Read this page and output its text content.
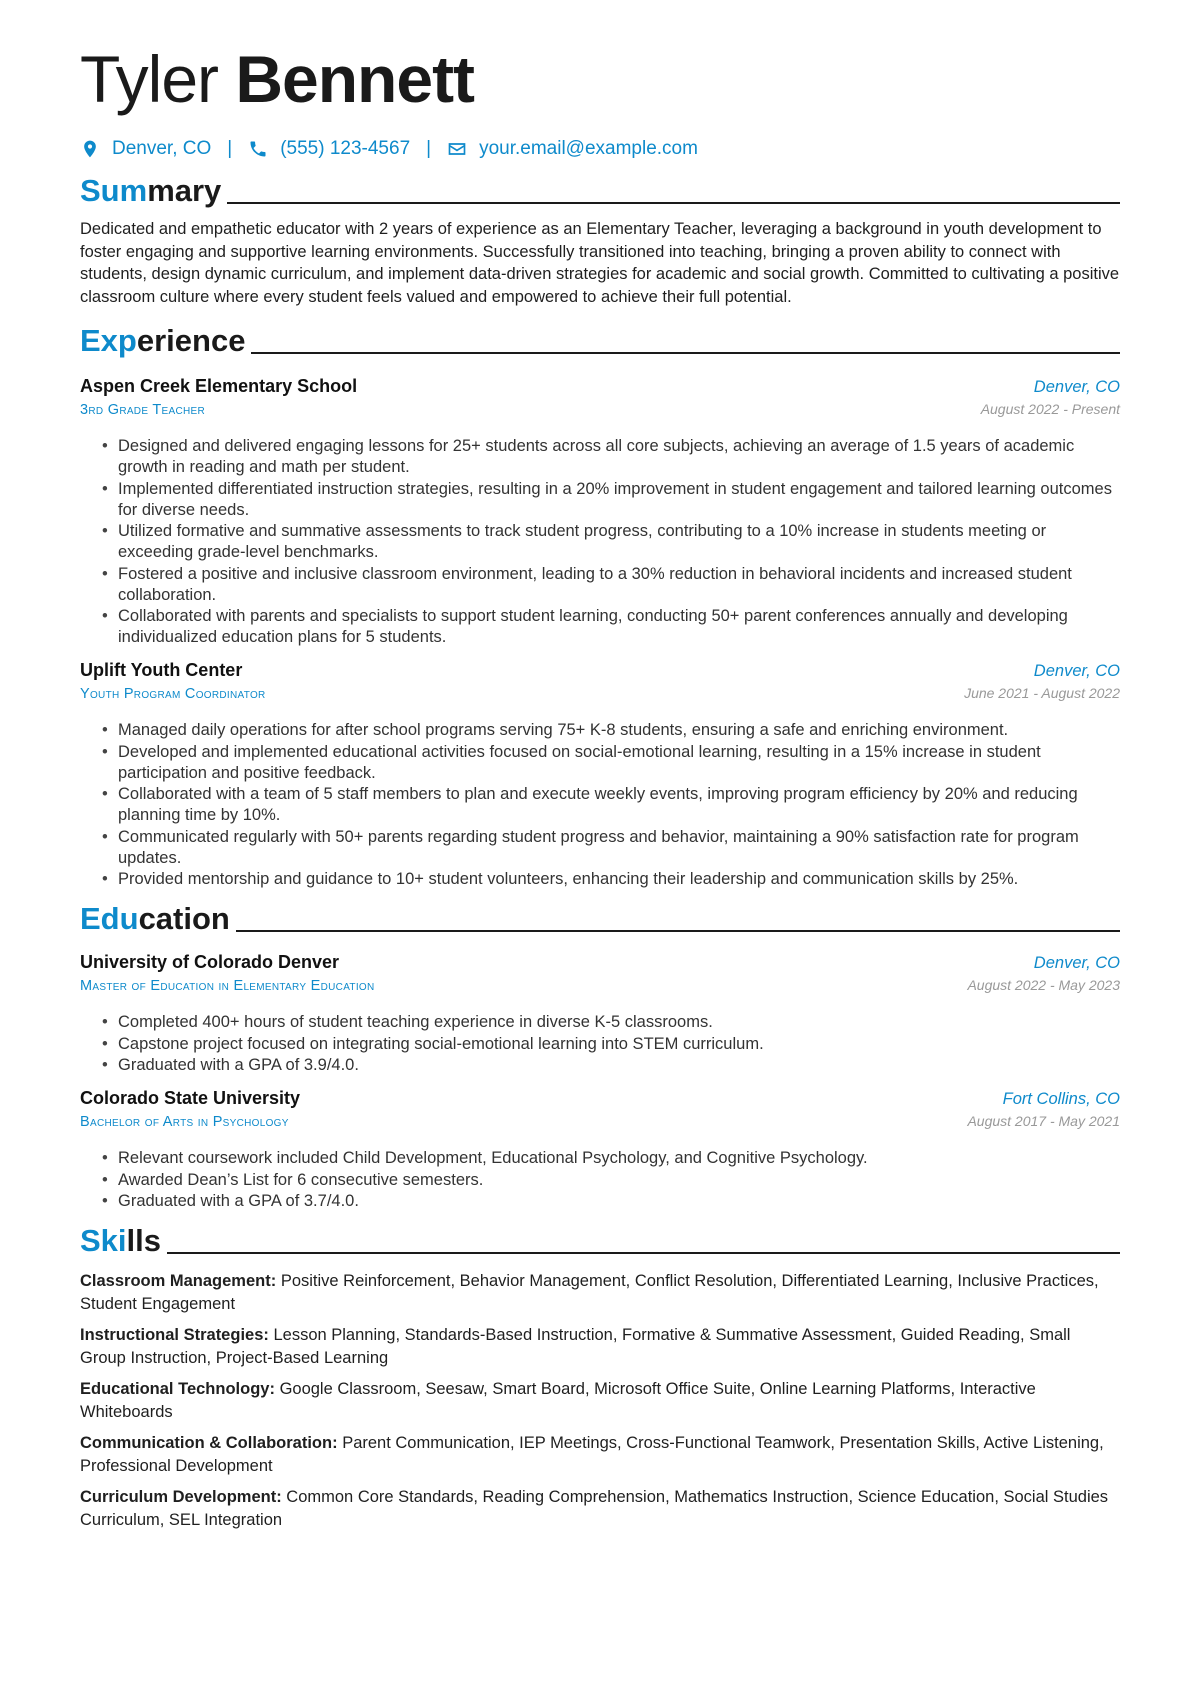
Tyler Bennett
Denver, CO |	(555) 123-4567 |	your.email@example.com
Summary

Dedicated and empathetic educator with 2 years of experience as an Elementary Teacher, leveraging a background in youth development to foster engaging and supportive learning environments. Successfully transitioned into teaching, bringing a proven ability to connect with students, design dynamic curriculum, and implement data-driven strategies for academic and social growth. Committed to cultivating a positive classroom culture where every student feels valued and empowered to achieve their full potential.

Experience
Aspen Creek Elementary School	Denver, CO
3rd Grade Teacher	August 2022 - Present
• Designed and delivered engaging lessons for 25+ students across all core subjects, achieving an average of 1.5 years of academic growth in reading and math per student.
• Implemented differentiated instruction strategies, resulting in a 20% improvement in student engagement and tailored learning outcomes for diverse needs.
• Utilized formative and summative assessments to track student progress, contributing to a 10% increase in students meeting or exceeding grade-level benchmarks.
• Fostered a positive and inclusive classroom environment, leading to a 30% reduction in behavioral incidents and increased student collaboration.
• Collaborated with parents and specialists to support student learning, conducting 50+ parent conferences annually and developing individualized education plans for 5 students.
Uplift Youth Center	Denver, CO
Youth Program Coordinator	June 2021 - August 2022
• Managed daily operations for after school programs serving 75+ K-8 students, ensuring a safe and enriching environment.
• Developed and implemented educational activities focused on social-emotional learning, resulting in a 15% increase in student participation and positive feedback.
• Collaborated with a team of 5 staff members to plan and execute weekly events, improving program efficiency by 20% and reducing planning time by 10%.
• Communicated regularly with 50+ parents regarding student progress and behavior, maintaining a 90% satisfaction rate for program updates.
• Provided mentorship and guidance to 10+ student volunteers, enhancing their leadership and communication skills by 25%.
Education
University of Colorado Denver	Denver, CO
Master of Education in Elementary Education	August 2022 - May 2023
• Completed 400+ hours of student teaching experience in diverse K-5 classrooms.
• Capstone project focused on integrating social-emotional learning into STEM curriculum.
• Graduated with a GPA of 3.9/4.0.
Colorado State University	Fort Collins, CO
Bachelor of Arts in Psychology	August 2017 - May 2021
• Relevant coursework included Child Development, Educational Psychology, and Cognitive Psychology.
• Awarded Dean’s List for 6 consecutive semesters.
• Graduated with a GPA of 3.7/4.0.
Skills
Classroom Management: Positive Reinforcement, Behavior Management, Conflict Resolution, Differentiated Learning, Inclusive Practices, Student Engagement
Instructional Strategies: Lesson Planning, Standards-Based Instruction, Formative & Summative Assessment, Guided Reading, Small Group Instruction, Project-Based Learning
Educational Technology: Google Classroom, Seesaw, Smart Board, Microsoft Office Suite, Online Learning Platforms, Interactive Whiteboards
Communication & Collaboration: Parent Communication, IEP Meetings, Cross-Functional Teamwork, Presentation Skills, Active Listening, Professional Development
Curriculum Development: Common Core Standards, Reading Comprehension, Mathematics Instruction, Science Education, Social Studies Curriculum, SEL Integration
